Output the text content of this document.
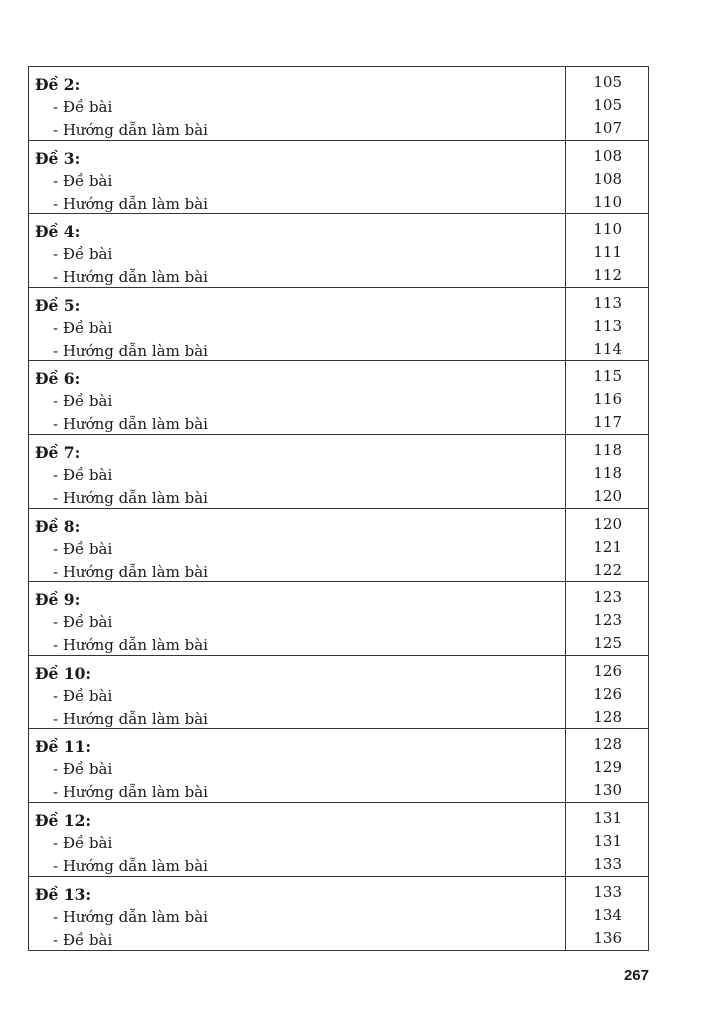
Đề 2:
- Đề bài
- Hướng dẫn làm bài
105
105
107
Đề 3:
- Đề bài
- Hướng dẫn làm bài
108
108
110
Đề 4:
- Đề bài
- Hướng dẫn làm bài
110
111
112
Đề 5:
- Đề bài
- Hướng dẫn làm bài
113
113
114
Đề 6:
- Đề bài
- Hướng dẫn làm bài
115
116
117
Đề 7:
- Đề bài
- Hướng dẫn làm bài
118
118
120
Đề 8:
- Đề bài
- Hướng dẫn làm bài
120
121
122
Đề 9:
- Đề bài
- Hướng dẫn làm bài
123
123
125
Đề 10:
- Đề bài
- Hướng dẫn làm bài
126
126
128
Đề 11:
- Đề bài
- Hướng dẫn làm bài
128
129
130
Đề 12:
- Đề bài
- Hướng dẫn làm bài
131
131
133
Đề 13:
- Hướng dẫn làm bài
- Đề bài
133
134
136
267
